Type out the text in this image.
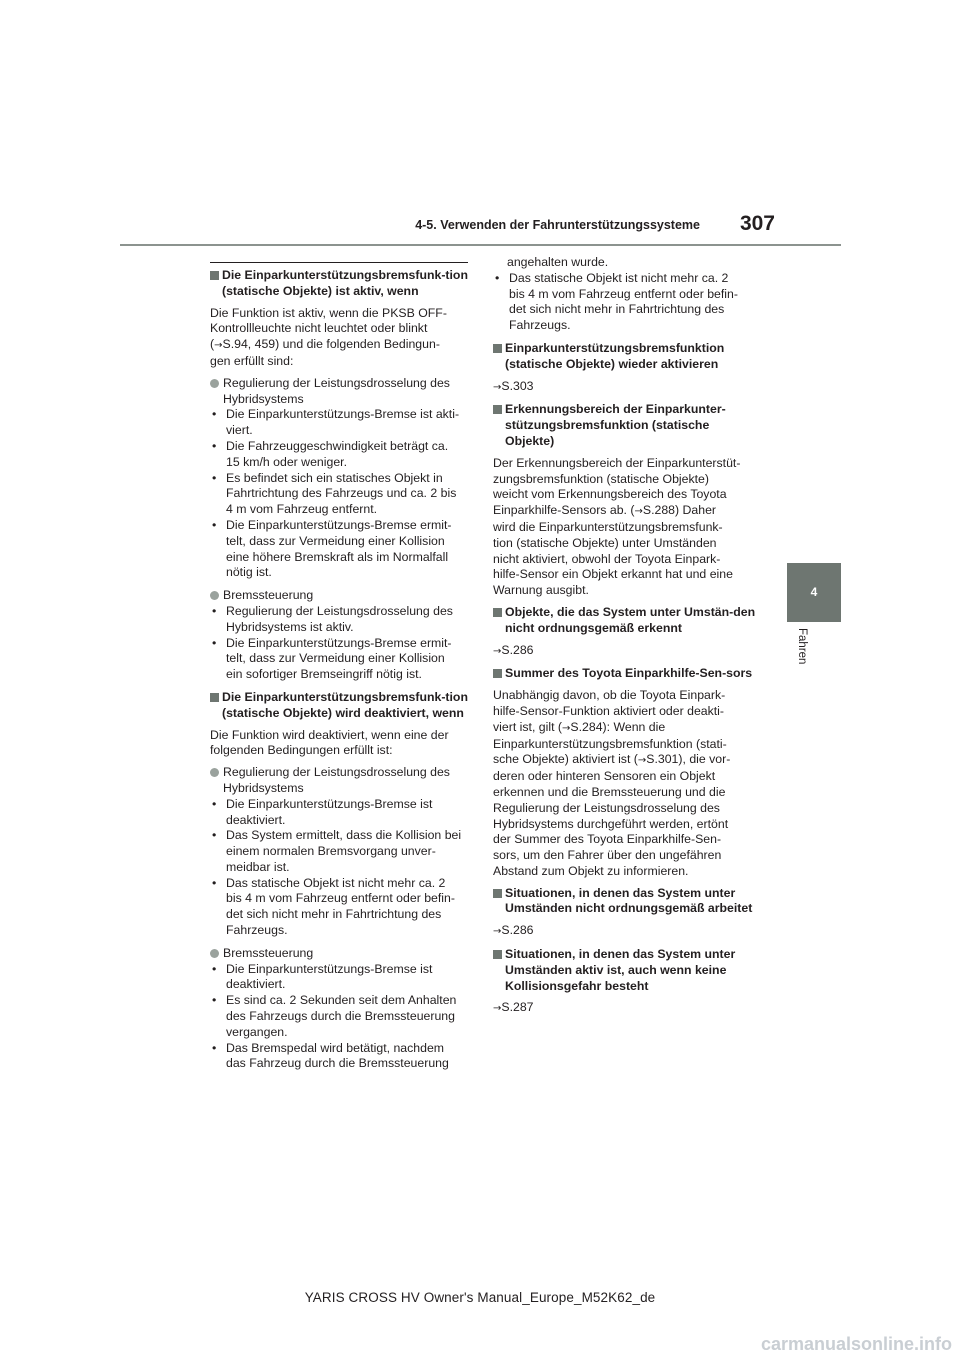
4-5. Verwenden der Fahrunterstützungssysteme	307
4
Fahren
Die Einparkunterstützungsbremsfunk-tion (statische Objekte) ist aktiv, wenn
Die Funktion ist aktiv, wenn die PKSB OFF-
Kontrollleuchte nicht leuchtet oder blinkt
(→S.94, 459) und die folgenden Bedingun-
gen erfüllt sind:
Regulierung der Leistungsdrosselung des
Hybridsystems
• Die Einparkunterstützungs-Bremse ist akti-
viert.
• Die Fahrzeuggeschwindigkeit beträgt ca.
15 km/h oder weniger.
• Es befindet sich ein statisches Objekt in
Fahrtrichtung des Fahrzeugs und ca. 2 bis
4 m vom Fahrzeug entfernt.
• Die Einparkunterstützungs-Bremse ermit-
telt, dass zur Vermeidung einer Kollision
eine höhere Bremskraft als im Normalfall
nötig ist.
Bremssteuerung
• Regulierung der Leistungsdrosselung des
Hybridsystems ist aktiv.
• Die Einparkunterstützungs-Bremse ermit-
telt, dass zur Vermeidung einer Kollision
ein sofortiger Bremseingriff nötig ist.
Die Einparkunterstützungsbremsfunk-tion (statische Objekte) wird deaktiviert, wenn
Die Funktion wird deaktiviert, wenn eine der
folgenden Bedingungen erfüllt ist:
Regulierung der Leistungsdrosselung des
Hybridsystems
• Die Einparkunterstützungs-Bremse ist
deaktiviert.
• Das System ermittelt, dass die Kollision bei
einem normalen Bremsvorgang unver-
meidbar ist.
• Das statische Objekt ist nicht mehr ca. 2
bis 4 m vom Fahrzeug entfernt oder befin-
det sich nicht mehr in Fahrtrichtung des
Fahrzeugs.
Bremssteuerung
• Die Einparkunterstützungs-Bremse ist
deaktiviert.
• Es sind ca. 2 Sekunden seit dem Anhalten
des Fahrzeugs durch die Bremssteuerung
vergangen.
• Das Bremspedal wird betätigt, nachdem
das Fahrzeug durch die Bremssteuerung
angehalten wurde.
• Das statische Objekt ist nicht mehr ca. 2
bis 4 m vom Fahrzeug entfernt oder befin-
det sich nicht mehr in Fahrtrichtung des
Fahrzeugs.
Einparkunterstützungsbremsfunktion (statische Objekte) wieder aktivieren
→S.303
Erkennungsbereich der Einparkunter-stützungsbremsfunktion (statische Objekte)
Der Erkennungsbereich der Einparkunterstüt-
zungsbremsfunktion (statische Objekte)
weicht vom Erkennungsbereich des Toyota
Einparkhilfe-Sensors ab. (→S.288) Daher
wird die Einparkunterstützungsbremsfunk-
tion (statische Objekte) unter Umständen
nicht aktiviert, obwohl der Toyota Einpark-
hilfe-Sensor ein Objekt erkannt hat und eine
Warnung ausgibt.
Objekte, die das System unter Umstän-den nicht ordnungsgemäß erkennt
→S.286
Summer des Toyota Einparkhilfe-Sen-sors
Unabhängig davon, ob die Toyota Einpark-
hilfe-Sensor-Funktion aktiviert oder deakti-
viert ist, gilt (→S.284): Wenn die
Einparkunterstützungsbremsfunktion (stati-
sche Objekte) aktiviert ist (→S.301), die vor-
deren oder hinteren Sensoren ein Objekt
erkennen und die Bremssteuerung und die
Regulierung der Leistungsdrosselung des
Hybridsystems durchgeführt werden, ertönt
der Summer des Toyota Einparkhilfe-Sen-
sors, um den Fahrer über den ungefähren
Abstand zum Objekt zu informieren.
Situationen, in denen das System unter Umständen nicht ordnungsgemäß arbeitet
→S.286
Situationen, in denen das System unter Umständen aktiv ist, auch wenn keine Kollisionsgefahr besteht
→S.287
YARIS CROSS HV Owner's Manual_Europe_M52K62_de
carmanualsonline.info
